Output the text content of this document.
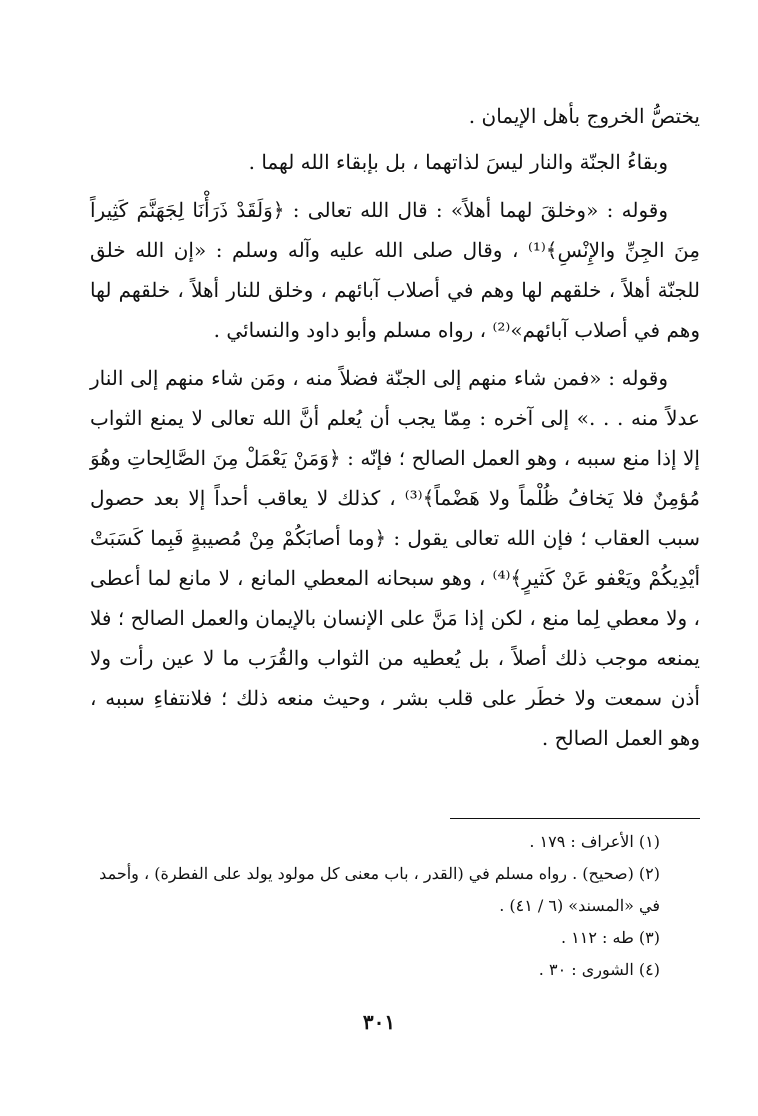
يختصُّ الخروج بأهل الإيمان .

وبقاءُ الجنّة والنار ليسَ لذاتهما ، بل بإبقاء الله لهما .

وقوله : «وخلقَ لهما أهلاً» : قال الله تعالى : ﴿وَلَقَدْ ذَرَأْنَا لِجَهَنَّمَ كَثِيراً مِنَ الجِنِّ والإِنْسِ﴾⁽¹⁾ ، وقال صلى الله عليه وآله وسلم : «إن الله خلق للجنّة أهلاً ، خلقهم لها وهم في أصلاب آبائهم ، وخلق للنار أهلاً ، خلقهم لها وهم في أصلاب آبائهم»⁽²⁾ ، رواه مسلم وأبو داود والنسائي .

وقوله : «فمن شاء منهم إلى الجنّة فضلاً منه ، ومَن شاء منهم إلى النار عدلاً منه . . .» إلى آخره : مِمّا يجب أن يُعلم أنَّ الله تعالى لا يمنع الثواب إلا إذا منع سببه ، وهو العمل الصالح ؛ فإنّه : ﴿وَمَنْ يَعْمَلْ مِنَ الصَّالِحاتِ وهُوَ مُؤمِنٌ فلا يَخافُ ظُلْماً ولا هَضْماً﴾⁽³⁾ ، كذلك لا يعاقب أحداً إلا بعد حصول سبب العقاب ؛ فإن الله تعالى يقول : ﴿وما أصابَكُمْ مِنْ مُصيبةٍ فَبِما كَسَبَتْ أيْدِيكُمْ ويَعْفو عَنْ كَثيرٍ﴾⁽⁴⁾ ، وهو سبحانه المعطي المانع ، لا مانع لما أعطى ، ولا معطي لِما منع ، لكن إذا مَنَّ على الإنسان بالإيمان والعمل الصالح ؛ فلا يمنعه موجب ذلك أصلاً ، بل يُعطيه من الثواب والقُرَب ما لا عين رأت ولا أذن سمعت ولا خطَر على قلب بشر ، وحيث منعه ذلك ؛ فلانتفاءِ سببه ، وهو العمل الصالح .

(١) الأعراف : ١٧٩ .

(٢) (صحيح) . رواه مسلم في (القدر ، باب معنى كل مولود يولد على الفطرة) ، وأحمد في «المسند» (٦ / ٤١) .

(٣) طه : ١١٢ .

(٤) الشورى : ٣٠ .

٣٠١
